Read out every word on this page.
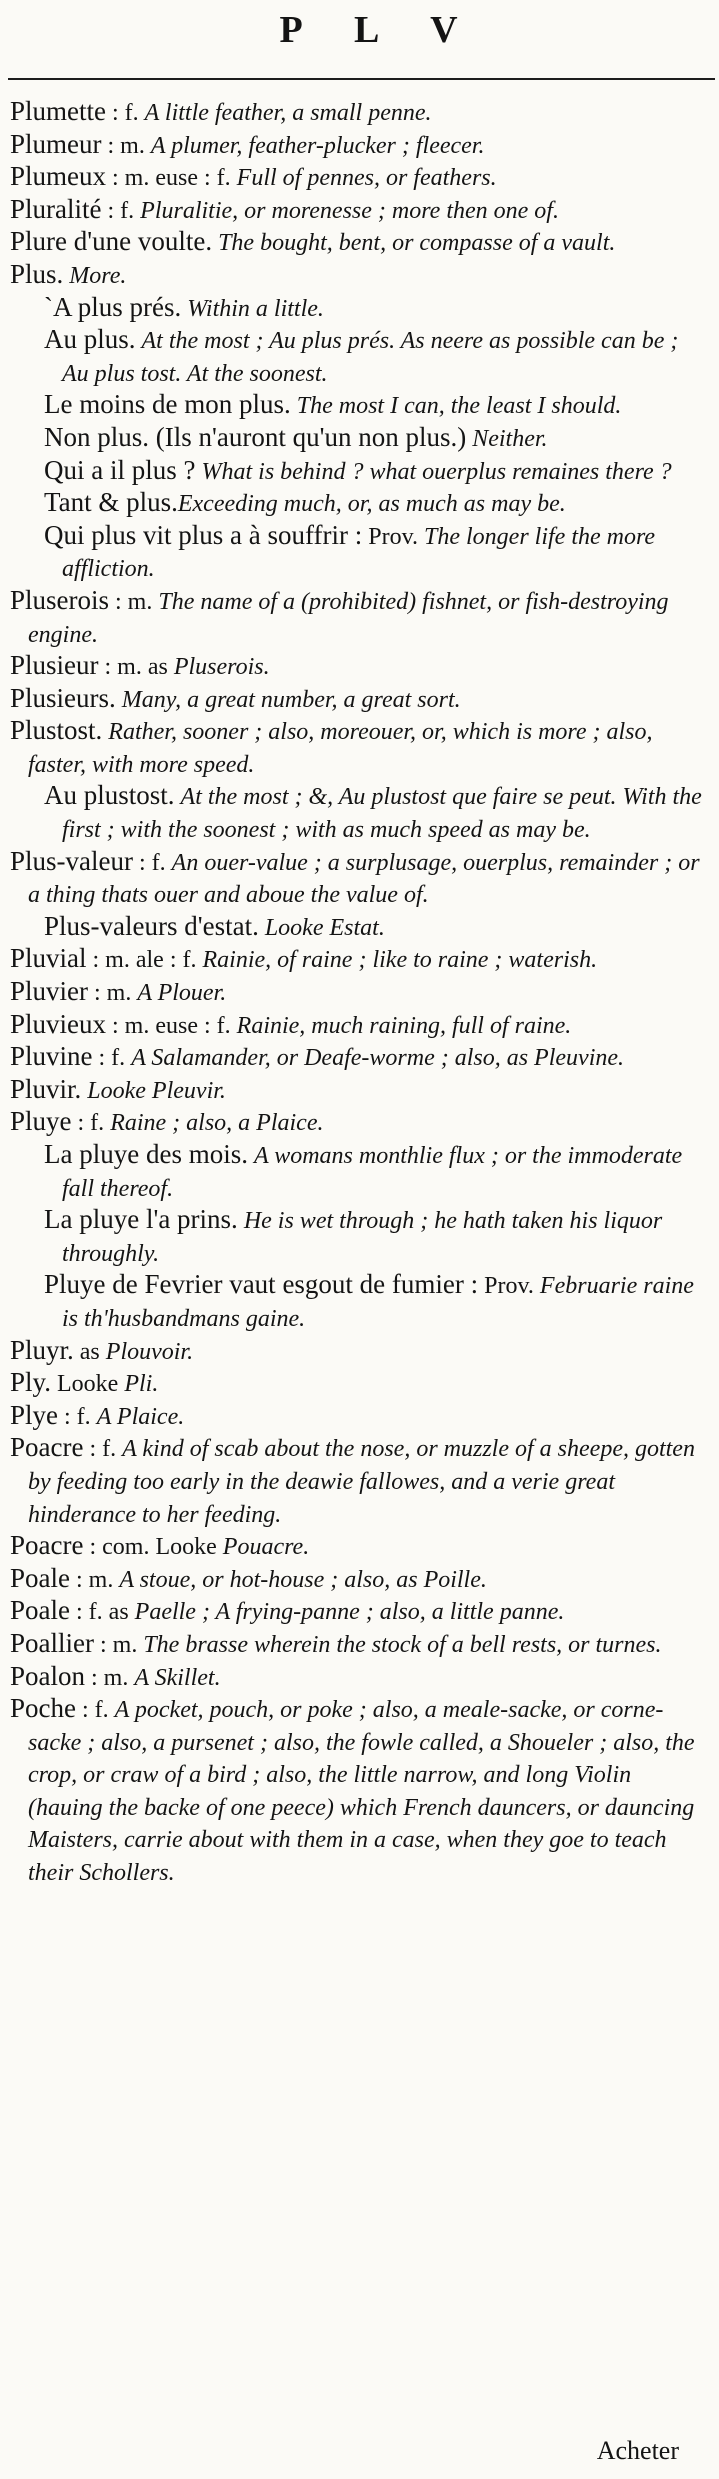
P L V

Plumette : f. A little feather, a small penne.

Plumeur : m. A plumer, feather-plucker ; fleecer.

Plumeux : m. euse : f. Full of pennes, or feathers.

Pluralité : f. Pluralitie, or morenesse ; more then one of.

Plure d'une voulte. The bought, bent, or compasse of a vault.

Plus. More.

`A plus prés. Within a little.

Au plus. At the most ; Au plus prés. As neere as possible can be ; Au plus tost. At the soonest.

Le moins de mon plus. The most I can, the least I should.

Non plus. (Ils n'auront qu'un non plus.) Neither.

Qui a il plus ? What is behind ? what ouerplus remaines there ?

Tant & plus.Exceeding much, or, as much as may be.

Qui plus vit plus a à souffrir : Prov. The longer life the more affliction.

Pluserois : m. The name of a (prohibited) fishnet, or fish-destroying engine.

Plusieur : m. as Pluserois.

Plusieurs. Many, a great number, a great sort.

Plustost. Rather, sooner ; also, moreouer, or, which is more ; also, faster, with more speed.

Au plustost. At the most ; &, Au plustost que faire se peut. With the first ; with the soonest ; with as much speed as may be.

Plus-valeur : f. An ouer-value ; a surplusage, ouerplus, remainder ; or a thing thats ouer and aboue the value of.

Plus-valeurs d'estat. Looke Estat.

Pluvial : m. ale : f. Rainie, of raine ; like to raine ; waterish.

Pluvier : m. A Plouer.

Pluvieux : m. euse : f. Rainie, much raining, full of raine.

Pluvine : f. A Salamander, or Deafe-worme ; also, as Pleuvine.

Pluvir. Looke Pleuvir.

Pluye : f. Raine ; also, a Plaice.

La pluye des mois. A womans monthlie flux ; or the immoderate fall thereof.

La pluye l'a prins. He is wet through ; he hath taken his liquor throughly.

Pluye de Fevrier vaut esgout de fumier : Prov. Februarie raine is th'husbandmans gaine.

Pluyr. as Plouvoir.

Ply. Looke Pli.

Plye : f. A Plaice.

Poacre : f. A kind of scab about the nose, or muzzle of a sheepe, gotten by feeding too early in the deawie fallowes, and a verie great hinderance to her feeding.

Poacre : com. Looke Pouacre.

Poale : m. A stoue, or hot-house ; also, as Poille.

Poale : f. as Paelle ; A frying-panne ; also, a little panne.

Poallier : m. The brasse wherein the stock of a bell rests, or turnes.

Poalon : m. A Skillet.

Poche : f. A pocket, pouch, or poke ; also, a meale-sacke, or corne-sacke ; also, a pursenet ; also, the fowle called, a Shoueler ; also, the crop, or craw of a bird ; also, the little narrow, and long Violin (hauing the backe of one peece) which French dauncers, or dauncing Maisters, carrie about with them in a case, when they goe to teach their Schollers.

Acheter
